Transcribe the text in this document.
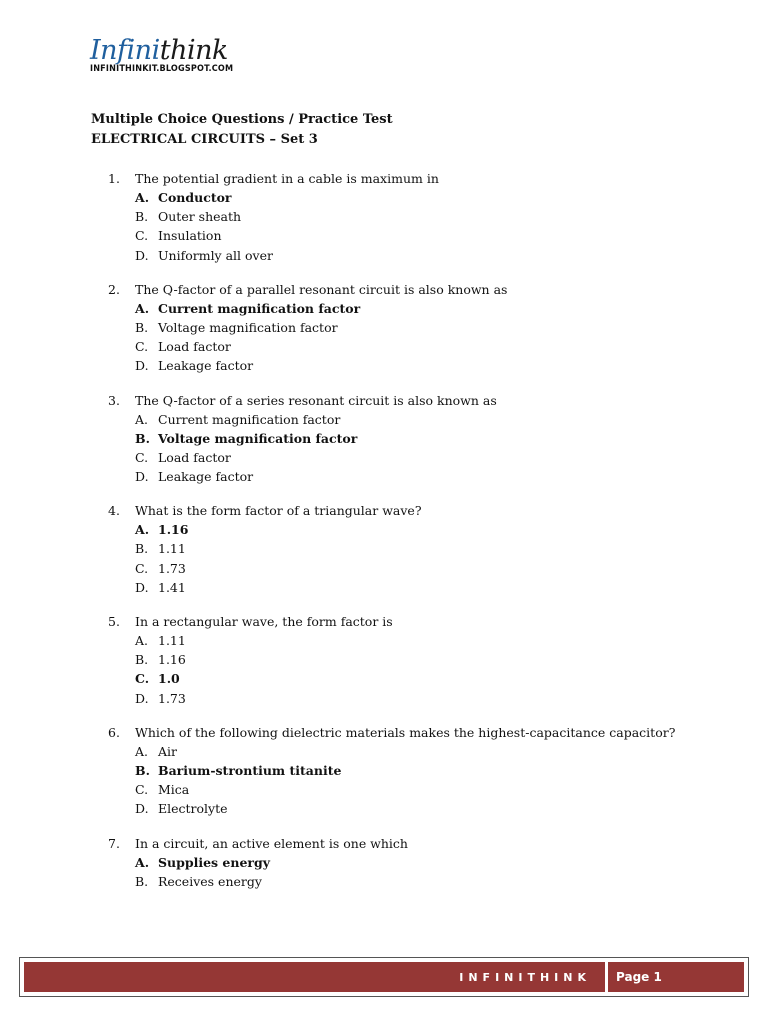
Infinithink
INFINITHINKIT.BLOGSPOT.COM
Multiple Choice Questions / Practice Test
ELECTRICAL CIRCUITS – Set 3
1.	The potential gradient in a cable is maximum in
A. Conductor
B. Outer sheath
C. Insulation
D. Uniformly all over
2.	The Q-factor of a parallel resonant circuit is also known as
A. Current magnification factor
B. Voltage magnification factor
C. Load factor
D. Leakage factor
3.	The Q-factor of a series resonant circuit is also known as
A. Current magnification factor
B. Voltage magnification factor
C. Load factor
D. Leakage factor
4.	What is the form factor of a triangular wave?
A. 1.16
B. 1.11
C. 1.73
D. 1.41
5.	In a rectangular wave, the form factor is
A. 1.11
B. 1.16
C. 1.0
D. 1.73
6.	Which of the following dielectric materials makes the highest-capacitance capacitor?
A. Air
B. Barium-strontium titanite
C. Mica
D. Electrolyte
7.	In a circuit, an active element is one which
A. Supplies energy
B. Receives energy
INFINITHINK	Page 1
